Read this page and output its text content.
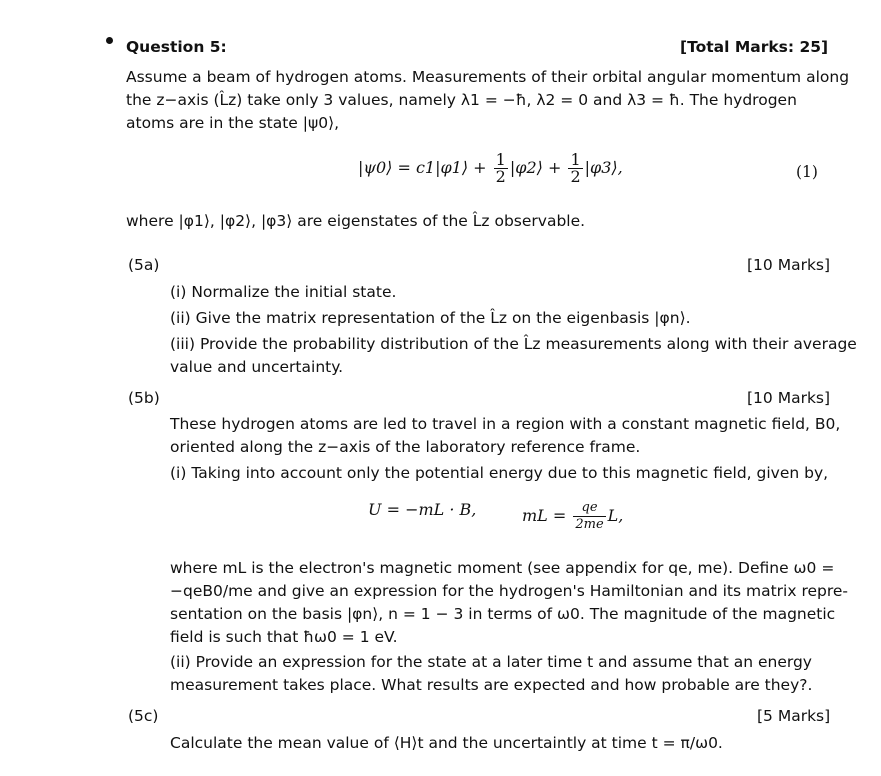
Question 5:	[Total Marks: 25]
Assume a beam of hydrogen atoms. Measurements of their orbital angular momentum along
the z−axis (L̂z) take only 3 values, namely λ1 = −ħ, λ2 = 0 and λ3 = ħ. The hydrogen
atoms are in the state |ψ0⟩,
|ψ0⟩ = c1|φ1⟩ + $\frac{1}{2}$ |φ2⟩ + $\frac{1}{2}$ |φ3⟩,	(1)
where |φ1⟩, |φ2⟩, |φ3⟩ are eigenstates of the L̂z observable.
(5a)	[10 Marks]
(i) Normalize the initial state.
(ii) Give the matrix representation of the L̂z on the eigenbasis |φn⟩.
(iii) Provide the probability distribution of the L̂z measurements along with their average
value and uncertainty.
(5b)	[10 Marks]
These hydrogen atoms are led to travel in a region with a constant magnetic field, B0,
oriented along the z−axis of the laboratory reference frame.
(i) Taking into account only the potential energy due to this magnetic field, given by,
U = −mL · B,	mL = $\frac{qe}{2me} L$,
where mL is the electron's magnetic moment (see appendix for qe, me). Define ω0 =
−qeB0/me and give an expression for the hydrogen's Hamiltonian and its matrix repre-
sentation on the basis |φn⟩, n = 1 − 3 in terms of ω0. The magnitude of the magnetic
field is such that ħω0 = 1 eV.
(ii) Provide an expression for the state at a later time t and assume that an energy
measurement takes place. What results are expected and how probable are they?.
(5c)	[5 Marks]
Calculate the mean value of ⟨H⟩t and the uncertaintly at time t = π/ω0.
